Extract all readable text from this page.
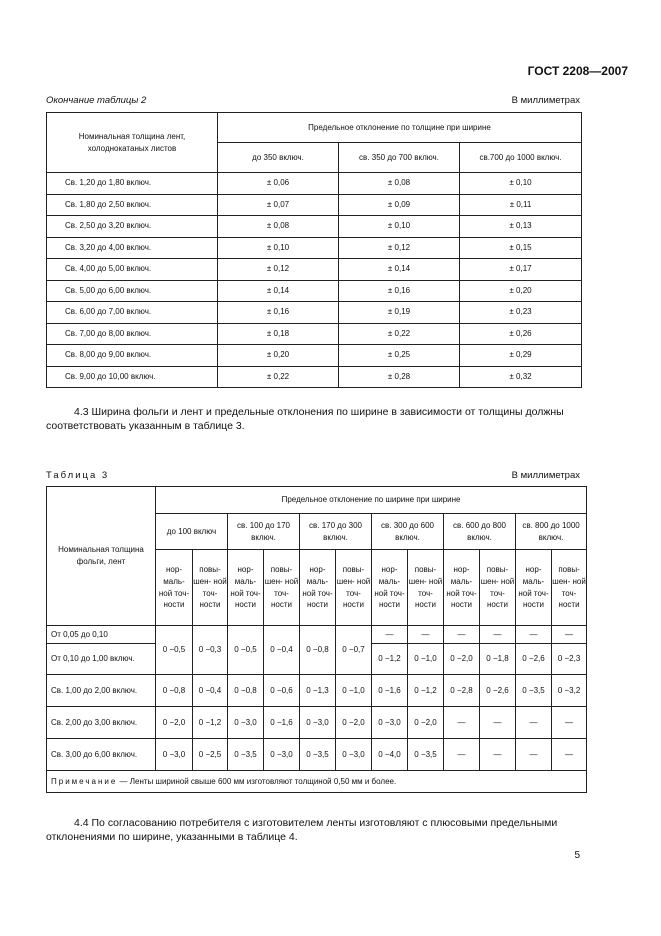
ГОСТ 2208—2007
Окончание таблицы 2	В миллиметрах
Номинальная толщина лент, холоднокатаных листов	Предельное отклонение по толщине при ширине		
	до 350 включ.	св. 350 до 700 включ.	св.700 до 1000 включ.
Св. 1,20 до 1,80 включ.	± 0,06	± 0,08	± 0,10
Св. 1,80 до 2,50 включ.	± 0,07	± 0,09	± 0,11
Св. 2,50 до 3,20 включ.	± 0,08	± 0,10	± 0,13
Св. 3,20 до 4,00 включ.	± 0,10	± 0,12	± 0,15
Св. 4,00 до 5,00 включ.	± 0,12	± 0,14	± 0,17
Св. 5,00 до 6,00 включ.	± 0,14	± 0,16	± 0,20
Св. 6,00 до 7,00 включ.	± 0,16	± 0,19	± 0,23
Св. 7,00 до 8,00 включ.	± 0,18	± 0,22	± 0,26
Св. 8,00 до 9,00 включ.	± 0,20	± 0,25	± 0,29
Св. 9,00 до 10,00 включ.	± 0,22	± 0,28	± 0,32

4.3 Ширина фольги и лент и предельные отклонения по ширине в зависимости от толщины должны соответствовать указанным в таблице 3.

Таблица 3	В миллиметрах
Номинальная толщина фольги, лент	Предельное отклонение по ширине при ширине											
	до 100 включ		св. 100 до 170 включ.		св. 170 до 300 включ.		св. 300 до 600 включ.		св. 600 до 800 включ.		св. 800 до 1000 включ.	
	нор- маль- ной точ- ности	повы- шен- ной точ- ности	нор- маль- ной точ- ности	повы- шен- ной точ- ности	нор- маль- ной точ- ности	повы- шен- ной точ- ности	нор- маль- ной точ- ности	повы- шен- ной точ- ности	нор- маль- ной точ- ности	повы- шен- ной точ- ности	нор- маль- ной точ- ности	повы- шен- ной точ- ности
От 0,05 до 0,10	0 −0,5	0 −0,3	0 −0,5	0 −0,4	0 −0,8	0 −0,7	—	—	—	—	—	—
От 0,10 до 1,00 включ.							0 −1,2	0 −1,0	0 −2,0	0 −1,8	0 −2,6	0 −2,3
Св. 1,00 до 2,00 включ.	0 −0,8	0 −0,4	0 −0,8	0 −0,6	0 −1,3	0 −1,0	0 −1,6	0 −1,2	0 −2,8	0 −2,6	0 −3,5	0 −3,2
Св. 2,00 до 3,00 включ.	0 −2,0	0 −1,2	0 −3,0	0 −1,6	0 −3,0	0 −2,0	0 −3,0	0 −2,0	—	—	—	—
Св. 3,00 до 6,00 включ.	0 −3,0	0 −2,5	0 −3,5	0 −3,0	0 −3,5	0 −3,0	0 −4,0	0 −3,5	—	—	—	—
Примечание — Ленты шириной свыше 600 мм изготовляют толщиной 0,50 мм и более.												

4.4 По согласованию потребителя с изготовителем ленты изготовляют с плюсовыми предельными отклонениями по ширине, указанными в таблице 4.

5
